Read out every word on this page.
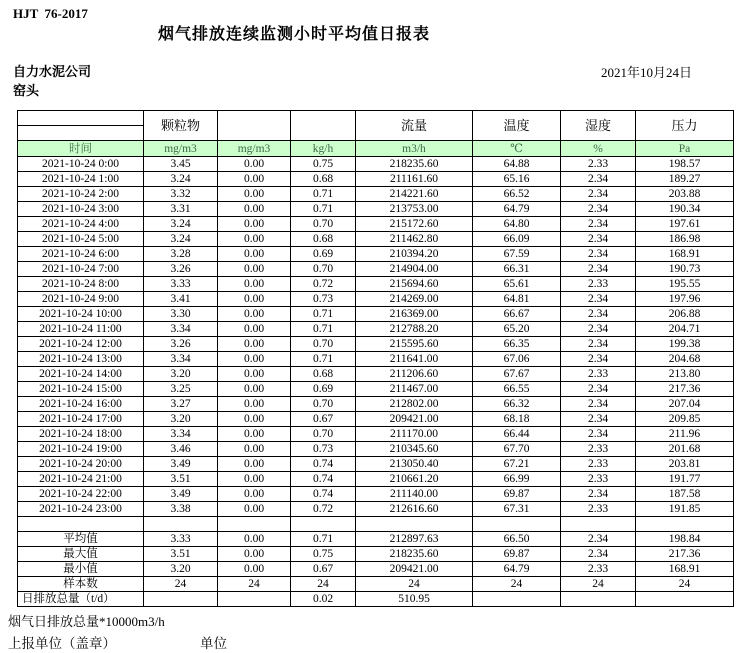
HJT  76-2017
烟气排放连续监测小时平均值日报表
自力水泥公司
窑头
2021年10月24日
	颗粒物			流量	温度	湿度	压力

时间	mg/m3	mg/m3	kg/h	m3/h	℃	%	Pa
2021-10-24 0:00	3.45	0.00	0.75	218235.60	64.88	2.33	198.57
2021-10-24 1:00	3.24	0.00	0.68	211161.60	65.16	2.34	189.27
2021-10-24 2:00	3.32	0.00	0.71	214221.60	66.52	2.34	203.88
2021-10-24 3:00	3.31	0.00	0.71	213753.00	64.79	2.34	190.34
2021-10-24 4:00	3.24	0.00	0.70	215172.60	64.80	2.34	197.61
2021-10-24 5:00	3.24	0.00	0.68	211462.80	66.09	2.34	186.98
2021-10-24 6:00	3.28	0.00	0.69	210394.20	67.59	2.34	168.91
2021-10-24 7:00	3.26	0.00	0.70	214904.00	66.31	2.34	190.73
2021-10-24 8:00	3.33	0.00	0.72	215694.60	65.61	2.33	195.55
2021-10-24 9:00	3.41	0.00	0.73	214269.00	64.81	2.34	197.96
2021-10-24 10:00	3.30	0.00	0.71	216369.00	66.67	2.34	206.88
2021-10-24 11:00	3.34	0.00	0.71	212788.20	65.20	2.34	204.71
2021-10-24 12:00	3.26	0.00	0.70	215595.60	66.35	2.34	199.38
2021-10-24 13:00	3.34	0.00	0.71	211641.00	67.06	2.34	204.68
2021-10-24 14:00	3.20	0.00	0.68	211206.60	67.67	2.33	213.80
2021-10-24 15:00	3.25	0.00	0.69	211467.00	66.55	2.34	217.36
2021-10-24 16:00	3.27	0.00	0.70	212802.00	66.32	2.34	207.04
2021-10-24 17:00	3.20	0.00	0.67	209421.00	68.18	2.34	209.85
2021-10-24 18:00	3.34	0.00	0.70	211170.00	66.44	2.34	211.96
2021-10-24 19:00	3.46	0.00	0.73	210345.60	67.70	2.33	201.68
2021-10-24 20:00	3.49	0.00	0.74	213050.40	67.21	2.33	203.81
2021-10-24 21:00	3.51	0.00	0.74	210661.20	66.99	2.33	191.77
2021-10-24 22:00	3.49	0.00	0.74	211140.00	69.87	2.34	187.58
2021-10-24 23:00	3.38	0.00	0.72	212616.60	67.31	2.33	191.85

平均值	3.33	0.00	0.71	212897.63	66.50	2.34	198.84
最大值	3.51	0.00	0.75	218235.60	69.87	2.34	217.36
最小值	3.20	0.00	0.67	209421.00	64.79	2.33	168.91
样本数	24	24	24	24	24	24	24
日排放总量（t/d）			0.02	510.95			
烟气日排放总量*10000m3/h
上报单位（盖章）	单位
